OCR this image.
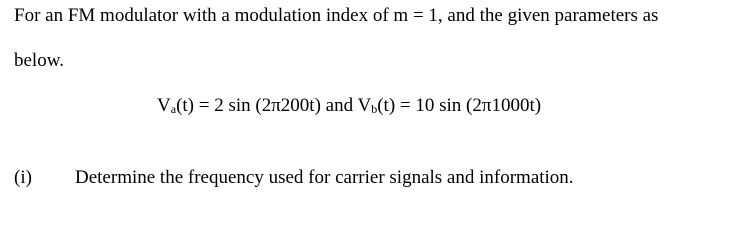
For an FM modulator with a modulation index of m = 1, and the given parameters as
below.
$V_a(t) = 2$ sin (2π200t) and $V_b(t) = 10$ sin (2π1000t)
(i) Determine the frequency used for carrier signals and information.
